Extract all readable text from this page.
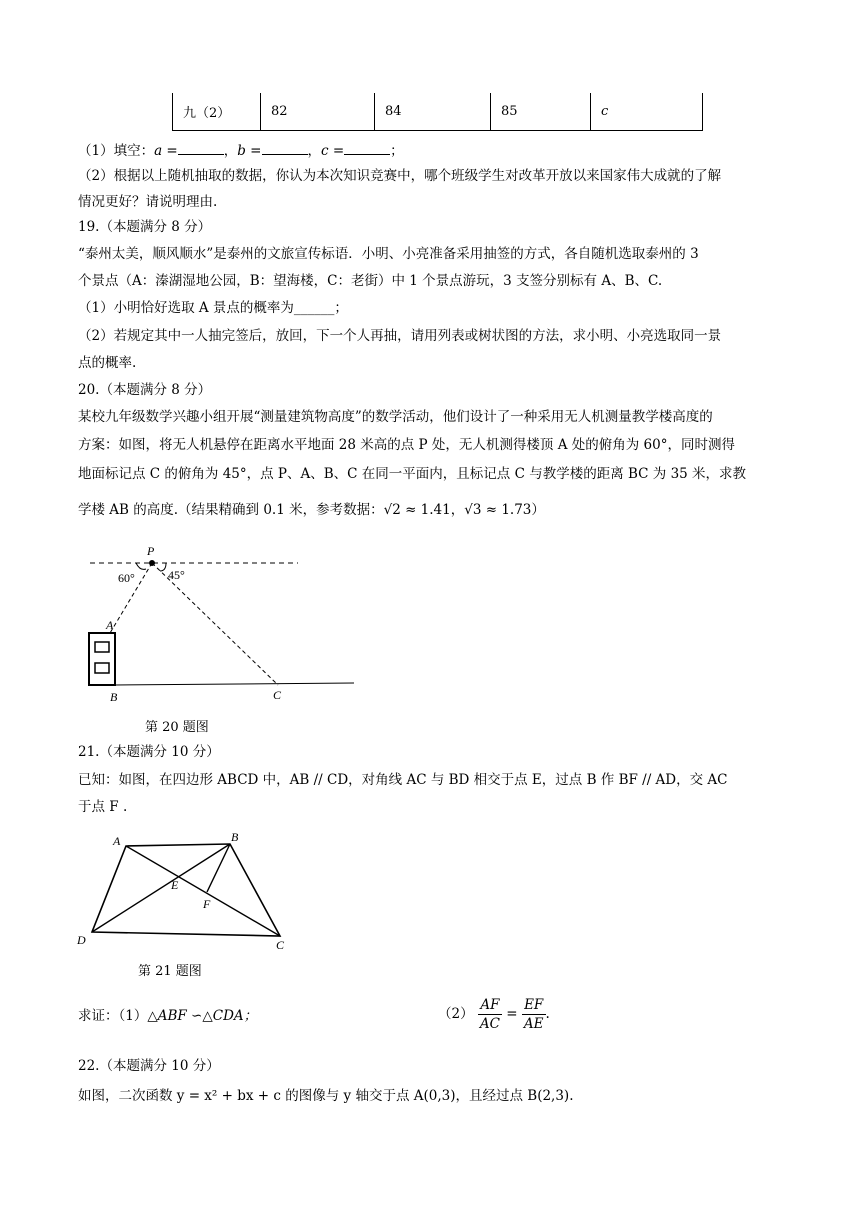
九（2）	82	84	85	c
（1）填空：a =	，b =	，c =	；
（2）根据以上随机抽取的数据，你认为本次知识竞赛中，哪个班级学生对改革开放以来国家伟大成就的了解
情况更好？请说明理由.
19.（本题满分 8 分）
“泰州太美，顺风顺水”是泰州的文旅宣传标语．小明、小亮准备采用抽签的方式，各自随机选取泰州的 3
个景点（A：溱湖湿地公园，B：望海楼，C：老街）中 1 个景点游玩，3 支签分别标有 A、B、C.
（1）小明恰好选取 A 景点的概率为______；
（2）若规定其中一人抽完签后，放回，下一个人再抽，请用列表或树状图的方法，求小明、小亮选取同一景
点的概率.
20.（本题满分 8 分）
某校九年级数学兴趣小组开展“测量建筑物高度”的数学活动，他们设计了一种采用无人机测量教学楼高度的
方案：如图，将无人机悬停在距离水平地面 28 米高的点 P 处，无人机测得楼顶 A 处的俯角为 60°，同时测得
地面标记点 C 的俯角为 45°，点 P、A、B、C 在同一平面内，且标记点 C 与教学楼的距离 BC 为 35 米，求教
学楼 AB 的高度.（结果精确到 0.1 米，参考数据：√2 ≈ 1.41，√3 ≈ 1.73）
P
60°	45°
A
B	C
第 20 题图
21.（本题满分 10 分）
已知：如图，在四边形 ABCD 中，AB // CD，对角线 AC 与 BD 相交于点 E，过点 B 作 BF // AD，交 AC
于点 F .
A	B
E
F
D	C
第 21 题图
求证：（1）△ABF ∽△CDA；	$(2) \frac{AF}{AC} = \frac{EF}{AE}$ .
22.（本题满分 10 分）
如图，二次函数 y = x² + bx + c 的图像与 y 轴交于点 A(0,3)，且经过点 B(2,3).
